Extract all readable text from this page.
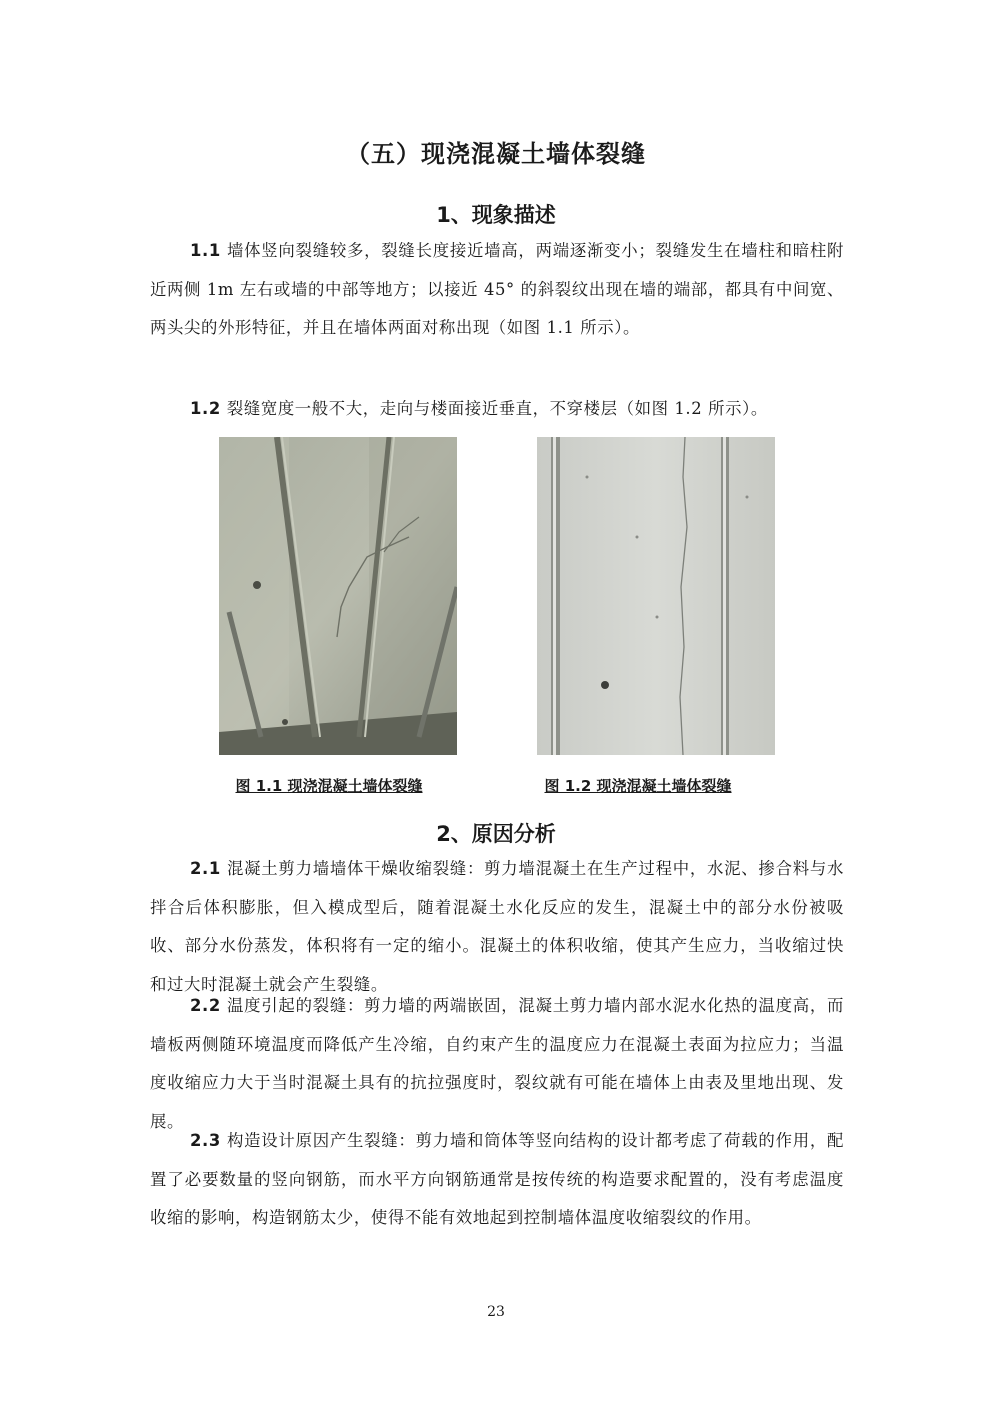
（五）现浇混凝土墙体裂缝
1、现象描述
1.1 墙体竖向裂缝较多，裂缝长度接近墙高，两端逐渐变小；裂缝发生在墙柱和暗柱附近两侧 1m 左右或墙的中部等地方；以接近 45° 的斜裂纹出现在墙的端部，都具有中间宽、两头尖的外形特征，并且在墙体两面对称出现（如图 1.1 所示）。
1.2 裂缝宽度一般不大，走向与楼面接近垂直，不穿楼层（如图 1.2 所示）。
图 1.1 现浇混凝土墙体裂缝	图 1.2 现浇混凝土墙体裂缝
2、原因分析
2.1 混凝土剪力墙墙体干燥收缩裂缝：剪力墙混凝土在生产过程中，水泥、掺合料与水拌合后体积膨胀，但入模成型后，随着混凝土水化反应的发生，混凝土中的部分水份被吸收、部分水份蒸发，体积将有一定的缩小。混凝土的体积收缩，使其产生应力，当收缩过快和过大时混凝土就会产生裂缝。
2.2 温度引起的裂缝：剪力墙的两端嵌固，混凝土剪力墙内部水泥水化热的温度高，而墙板两侧随环境温度而降低产生冷缩，自约束产生的温度应力在混凝土表面为拉应力；当温度收缩应力大于当时混凝土具有的抗拉强度时，裂纹就有可能在墙体上由表及里地出现、发展。
2.3 构造设计原因产生裂缝：剪力墙和筒体等竖向结构的设计都考虑了荷载的作用，配置了必要数量的竖向钢筋，而水平方向钢筋通常是按传统的构造要求配置的，没有考虑温度收缩的影响，构造钢筋太少，使得不能有效地起到控制墙体温度收缩裂纹的作用。
23
